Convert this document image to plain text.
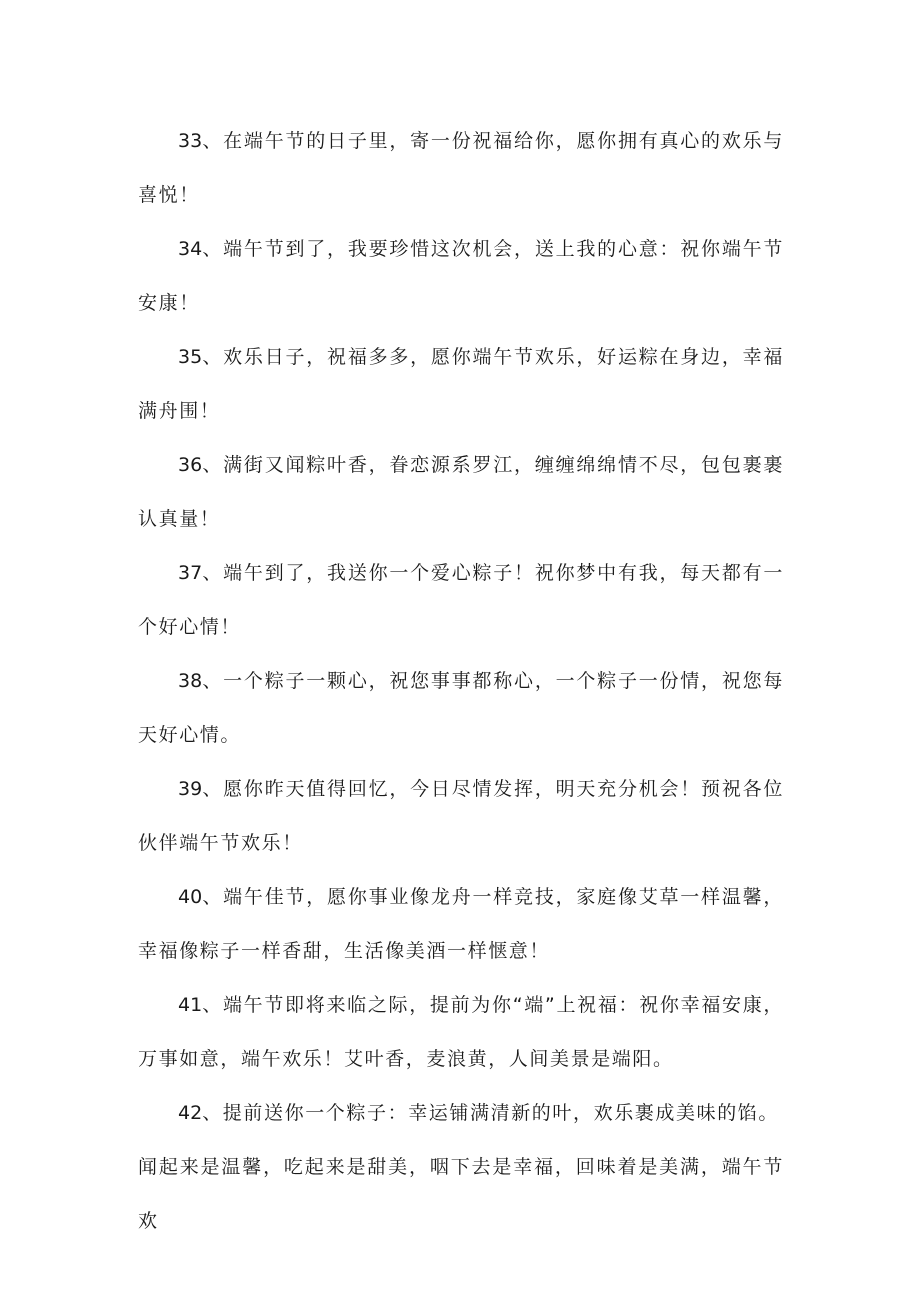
33、在端午节的日子里，寄一份祝福给你，愿你拥有真心的欢乐与喜悦！

34、端午节到了，我要珍惜这次机会，送上我的心意：祝你端午节安康！

35、欢乐日子，祝福多多，愿你端午节欢乐，好运粽在身边，幸福满舟围！

36、满街又闻粽叶香，眷恋源系罗江，缠缠绵绵情不尽，包包裹裹认真量！

37、端午到了，我送你一个爱心粽子！祝你梦中有我，每天都有一个好心情！

38、一个粽子一颗心，祝您事事都称心，一个粽子一份情，祝您每天好心情。

39、愿你昨天值得回忆，今日尽情发挥，明天充分机会！预祝各位伙伴端午节欢乐！

40、端午佳节，愿你事业像龙舟一样竞技，家庭像艾草一样温馨，幸福像粽子一样香甜，生活像美酒一样惬意！

41、端午节即将来临之际，提前为你“端”上祝福：祝你幸福安康，万事如意，端午欢乐！艾叶香，麦浪黄，人间美景是端阳。

42、提前送你一个粽子：幸运铺满清新的叶，欢乐裹成美味的馅。

闻起来是温馨，吃起来是甜美，咽下去是幸福，回味着是美满，端午节欢
